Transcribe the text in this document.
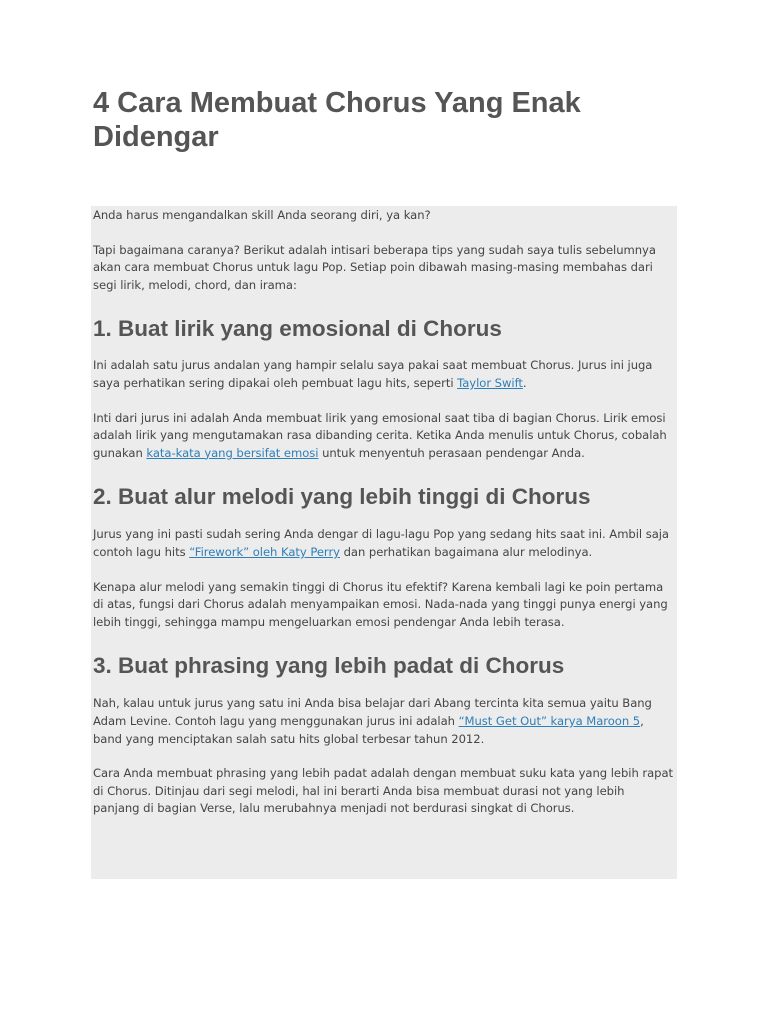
4 Cara Membuat Chorus Yang Enak Didengar

Anda harus mengandalkan skill Anda seorang diri, ya kan?

Tapi bagaimana caranya? Berikut adalah intisari beberapa tips yang sudah saya tulis sebelumnya akan cara membuat Chorus untuk lagu Pop. Setiap poin dibawah masing-masing membahas dari segi lirik, melodi, chord, dan irama:

1. Buat lirik yang emosional di Chorus

Ini adalah satu jurus andalan yang hampir selalu saya pakai saat membuat Chorus. Jurus ini juga saya perhatikan sering dipakai oleh pembuat lagu hits, seperti Taylor Swift.

Inti dari jurus ini adalah Anda membuat lirik yang emosional saat tiba di bagian Chorus. Lirik emosi adalah lirik yang mengutamakan rasa dibanding cerita. Ketika Anda menulis untuk Chorus, cobalah gunakan kata-kata yang bersifat emosi untuk menyentuh perasaan pendengar Anda.

2. Buat alur melodi yang lebih tinggi di Chorus

Jurus yang ini pasti sudah sering Anda dengar di lagu-lagu Pop yang sedang hits saat ini. Ambil saja contoh lagu hits “Firework” oleh Katy Perry dan perhatikan bagaimana alur melodinya.

Kenapa alur melodi yang semakin tinggi di Chorus itu efektif? Karena kembali lagi ke poin pertama di atas, fungsi dari Chorus adalah menyampaikan emosi. Nada-nada yang tinggi punya energi yang lebih tinggi, sehingga mampu mengeluarkan emosi pendengar Anda lebih terasa.

3. Buat phrasing yang lebih padat di Chorus

Nah, kalau untuk jurus yang satu ini Anda bisa belajar dari Abang tercinta kita semua yaitu Bang Adam Levine. Contoh lagu yang menggunakan jurus ini adalah “Must Get Out” karya Maroon 5, band yang menciptakan salah satu hits global terbesar tahun 2012.

Cara Anda membuat phrasing yang lebih padat adalah dengan membuat suku kata yang lebih rapat di Chorus. Ditinjau dari segi melodi, hal ini berarti Anda bisa membuat durasi not yang lebih panjang di bagian Verse, lalu merubahnya menjadi not berdurasi singkat di Chorus.
